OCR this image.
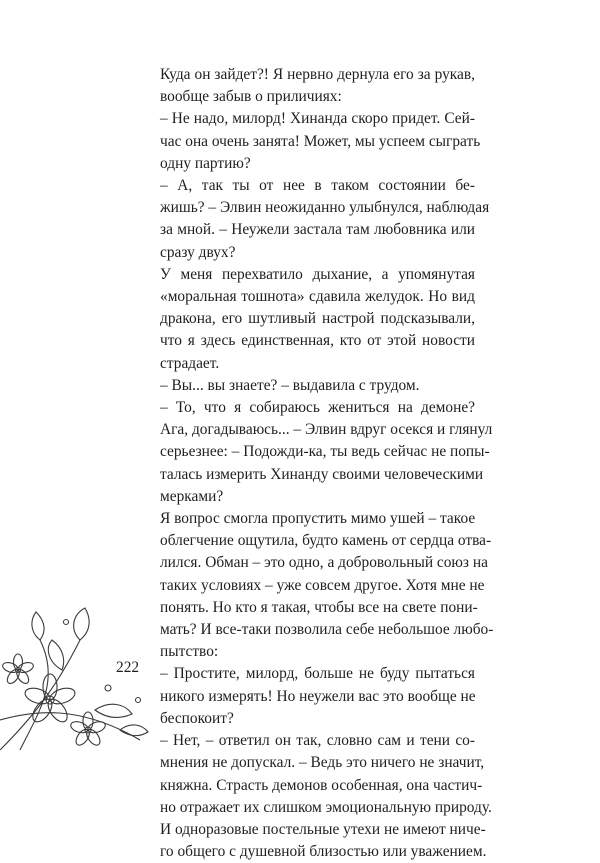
Куда он зайдет?! Я нервно дернула его за рукав,
вообще забыв о приличиях:

– Не надо, милорд! Хинанда скоро придет. Сей-
час она очень занята! Может, мы успеем сыграть
одну партию?

– А, так ты от нее в таком состоянии бе-
жишь? – Элвин неожиданно улыбнулся, наблюдая
за мной. – Неужели застала там любовника или
сразу двух?

У меня перехватило дыхание, а упомянутая
«моральная тошнота» сдавила желудок. Но вид
дракона, его шутливый настрой подсказывали,
что я здесь единственная, кто от этой новости
страдает.

– Вы... вы знаете? – выдавила с трудом.

– То, что я собираюсь жениться на демоне?
Ага, догадываюсь... – Элвин вдруг осекся и глянул
серьезнее: – Подожди-ка, ты ведь сейчас не попы-
талась измерить Хинанду своими человеческими
мерками?

Я вопрос смогла пропустить мимо ушей – такое
облегчение ощутила, будто камень от сердца отва-
лился. Обман – это одно, а добровольный союз на
таких условиях – уже совсем другое. Хотя мне не
понять. Но кто я такая, чтобы все на свете пони-
мать? И все-таки позволила себе небольшое любо-
пытство:

– Простите, милорд, больше не буду пытаться
никого измерять! Но неужели вас это вообще не
беспокоит?

– Нет, – ответил он так, словно сам и тени со-
мнения не допускал. – Ведь это ничего не значит,
княжна. Страсть демонов особенная, она частич-
но отражает их слишком эмоциональную природу.
И одноразовые постельные утехи не имеют ниче-
го общего с душевной близостью или уважением.

222
